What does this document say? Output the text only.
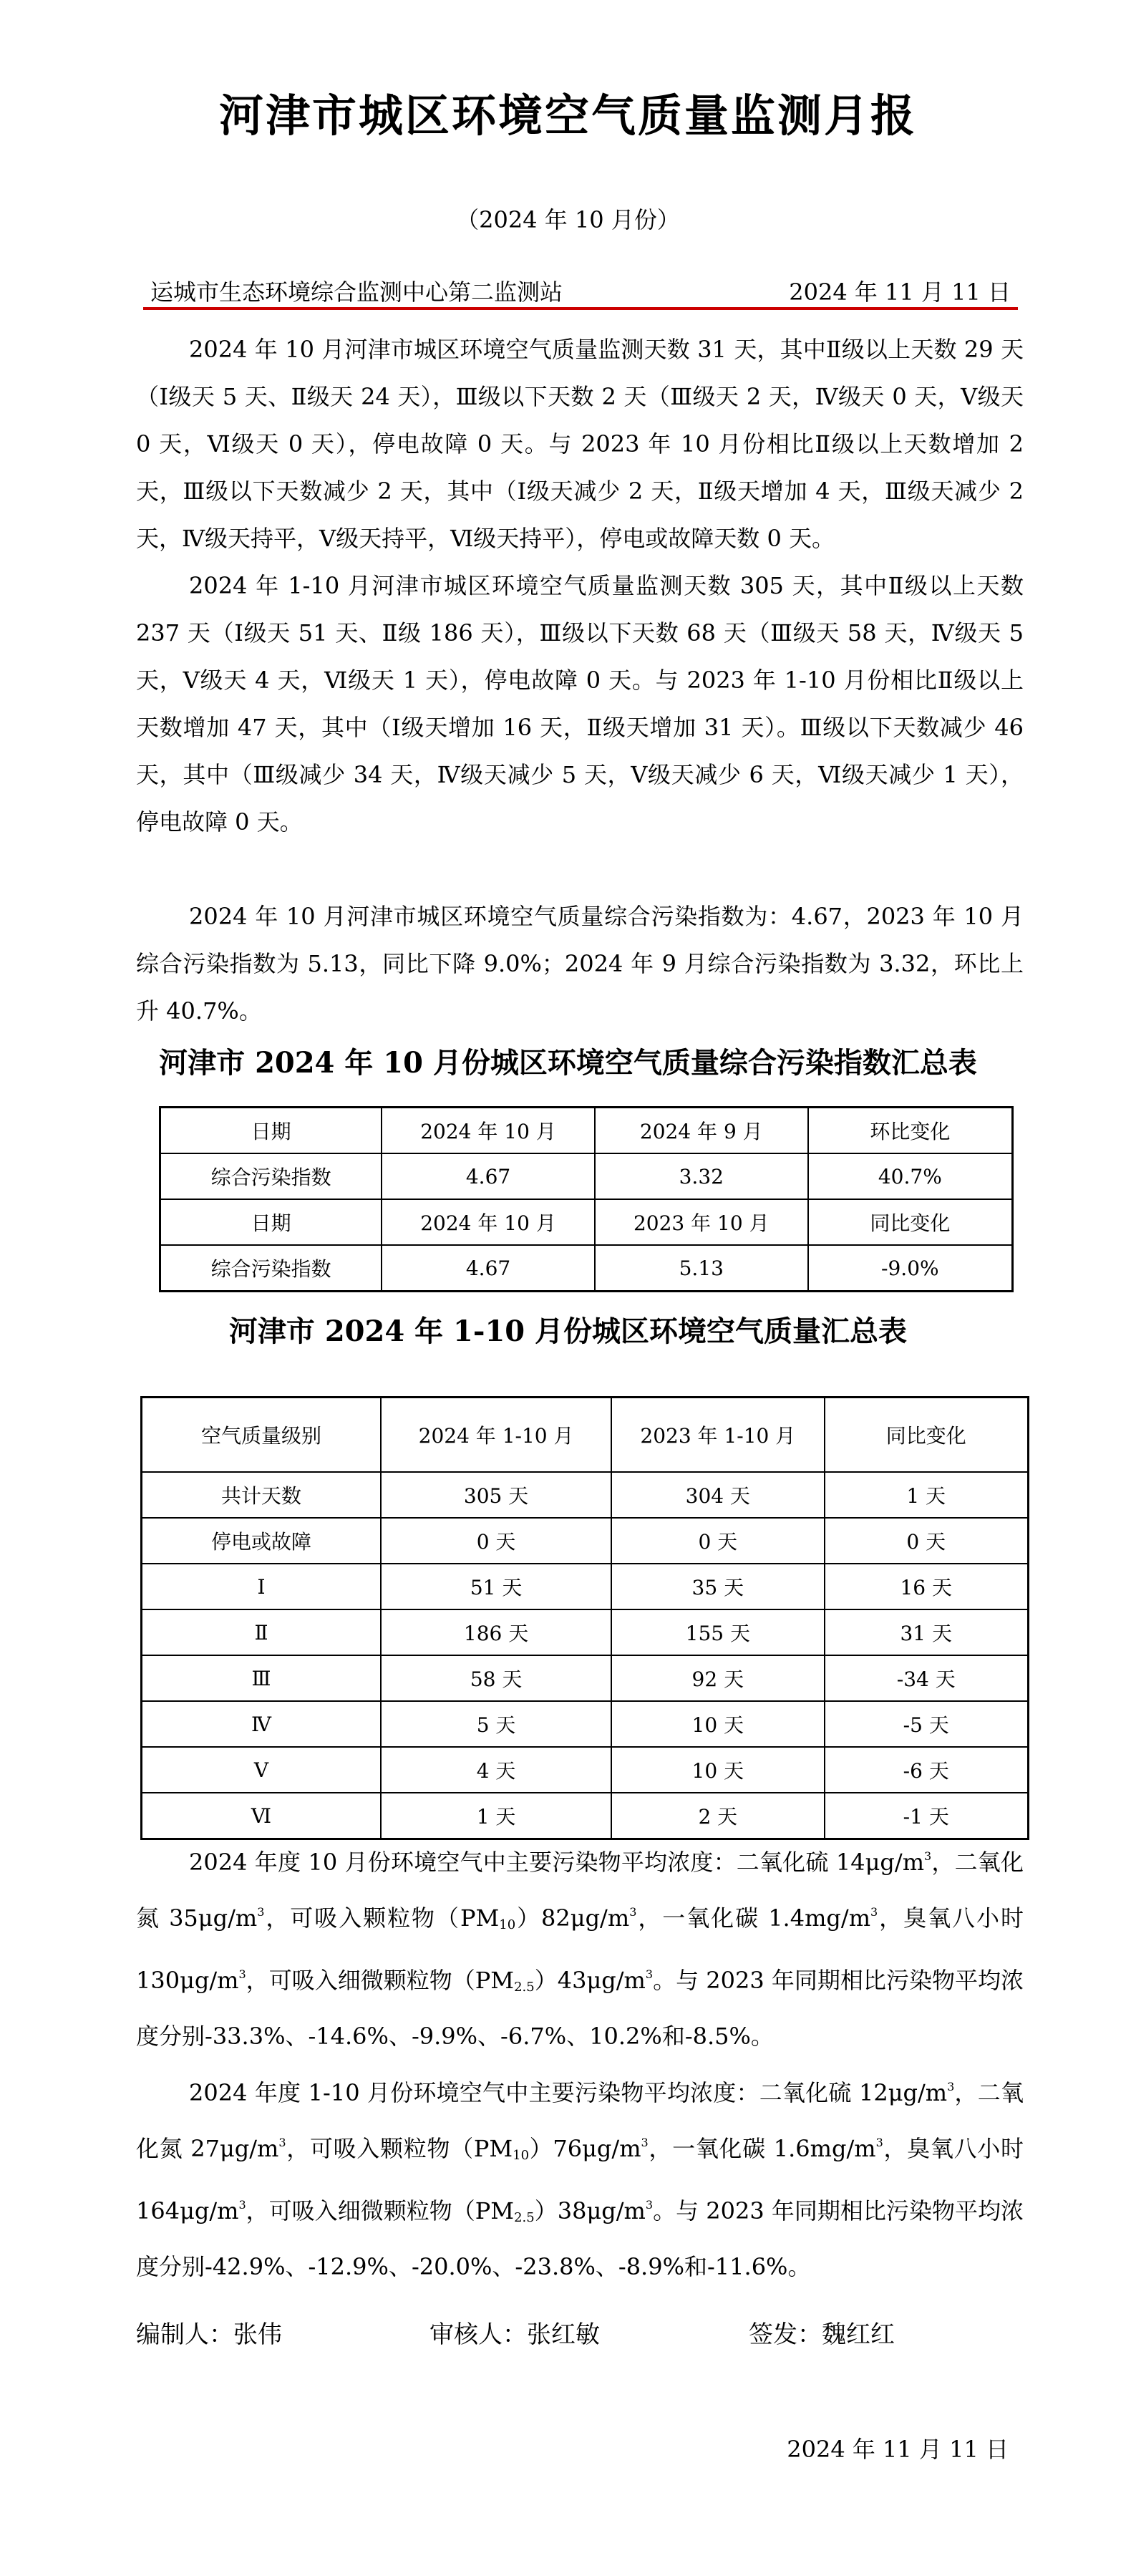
河津市城区环境空气质量监测月报
（2024 年 10 月份）
运城市生态环境综合监测中心第二监测站	2024 年 11 月 11 日

2024 年 10 月河津市城区环境空气质量监测天数 31 天，其中Ⅱ级以上天数 29 天（Ⅰ级天 5 天、Ⅱ级天 24 天），Ⅲ级以下天数 2 天（Ⅲ级天 2 天，Ⅳ级天 0 天，Ⅴ级天 0 天，Ⅵ级天 0 天），停电故障 0 天。与 2023 年 10 月份相比Ⅱ级以上天数增加 2 天，Ⅲ级以下天数减少 2 天，其中（Ⅰ级天减少 2 天，Ⅱ级天增加 4 天，Ⅲ级天减少 2 天，Ⅳ级天持平，Ⅴ级天持平，Ⅵ级天持平），停电或故障天数 0 天。

2024 年 1-10 月河津市城区环境空气质量监测天数 305 天，其中Ⅱ级以上天数 237 天（Ⅰ级天 51 天、Ⅱ级 186 天），Ⅲ级以下天数 68 天（Ⅲ级天 58 天，Ⅳ级天 5 天，Ⅴ级天 4 天，Ⅵ级天 1 天），停电故障 0 天。与 2023 年 1-10 月份相比Ⅱ级以上天数增加 47 天，其中（Ⅰ级天增加 16 天，Ⅱ级天增加 31 天）。Ⅲ级以下天数减少 46 天，其中（Ⅲ级减少 34 天，Ⅳ级天减少 5 天，Ⅴ级天减少 6 天，Ⅵ级天减少 1 天），停电故障 0 天。

2024 年 10 月河津市城区环境空气质量综合污染指数为：4.67，2023 年 10 月综合污染指数为 5.13，同比下降 9.0%；2024 年 9 月综合污染指数为 3.32，环比上升 40.7%。

河津市 2024 年 10 月份城区环境空气质量综合污染指数汇总表
日期	2024 年 10 月	2024 年 9 月	环比变化
综合污染指数	4.67	3.32	40.7%
日期	2024 年 10 月	2023 年 10 月	同比变化
综合污染指数	4.67	5.13	-9.0%
河津市 2024 年 1-10 月份城区环境空气质量汇总表
空气质量级别	2024 年 1-10 月	2023 年 1-10 月	同比变化
共计天数	305 天	304 天	1 天
停电或故障	0 天	0 天	0 天
Ⅰ	51 天	35 天	16 天
Ⅱ	186 天	155 天	31 天
Ⅲ	58 天	92 天	-34 天
Ⅳ	5 天	10 天	-5 天
Ⅴ	4 天	10 天	-6 天
Ⅵ	1 天	2 天	-1 天

2024 年度 10 月份环境空气中主要污染物平均浓度：二氧化硫 $14\mu g/m^3$，二氧化氮 $35\mu g/m^3$，可吸入颗粒物$(PM_{10})82\mu g/m^3$，一氧化碳 $1.4mg/m^3$，臭氧八小时 $130\mu g/m^3$，可吸入细微颗粒物$(PM_{2.5})43\mu g/m^3$。与 2023 年同期相比污染物平均浓度分别-33.3%、-14.6%、-9.9%、-6.7%、10.2%和-8.5%。

2024 年度 1-10 月份环境空气中主要污染物平均浓度：二氧化硫 $12\mu g/m^3$，二氧化氮 $27\mu g/m^3$，可吸入颗粒物$(PM_{10})76\mu g/m^3$，一氧化碳 $1.6mg/m^3$，臭氧八小时 $164\mu g/m^3$，可吸入细微颗粒物$(PM_{2.5})38\mu g/m^3$。与 2023 年同期相比污染物平均浓度分别-42.9%、-12.9%、-20.0%、-23.8%、-8.9%和-11.6%。

编制人：张伟	审核人：张红敏	签发：魏红红
2024 年 11 月 11 日
